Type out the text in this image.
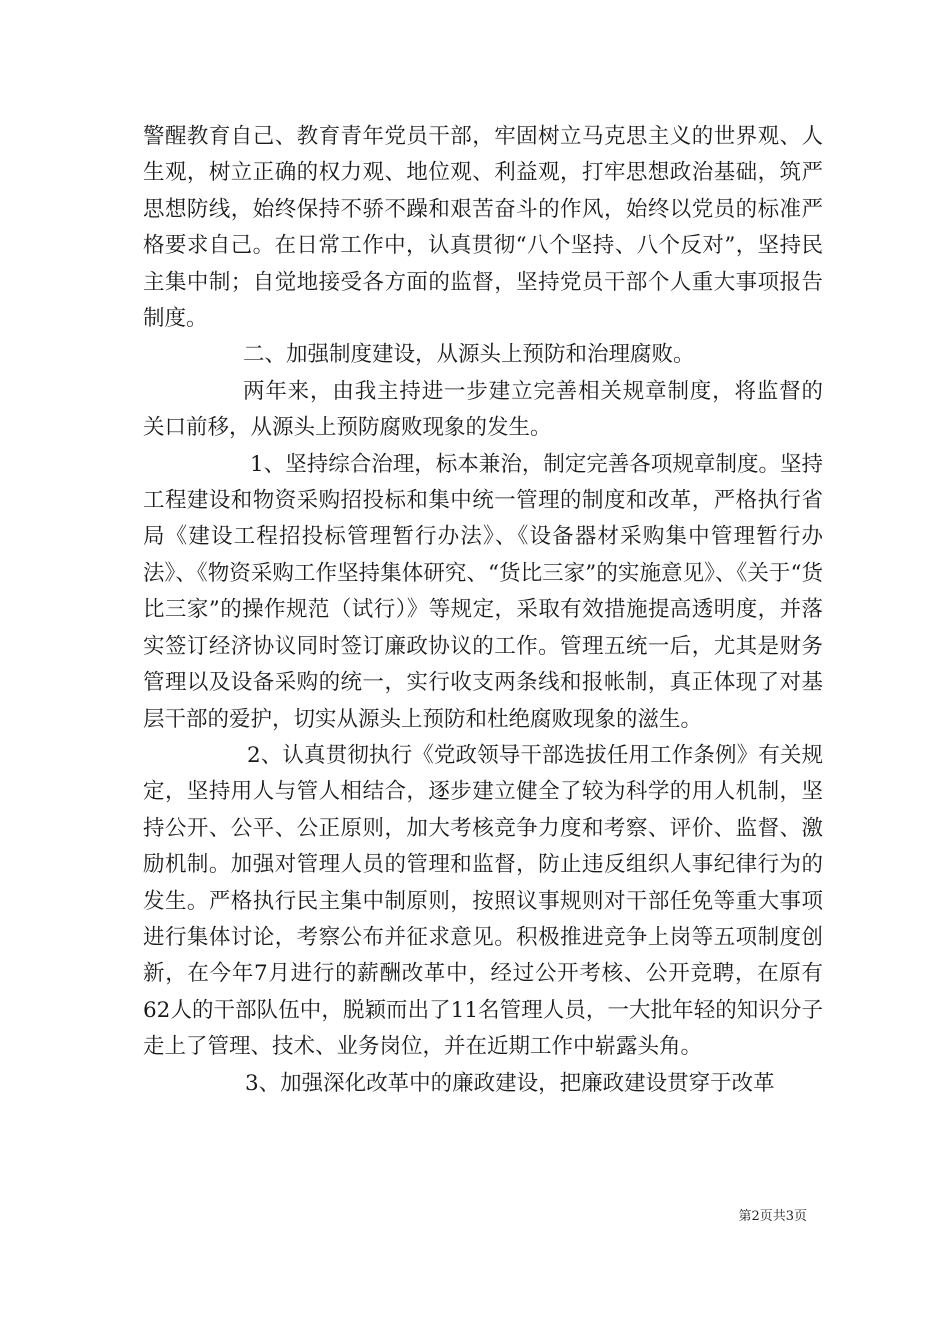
警醒教育自己、教育青年党员干部，牢固树立马克思主义的世界观、人生观，树立正确的权力观、地位观、利益观，打牢思想政治基础，筑严思想防线，始终保持不骄不躁和艰苦奋斗的作风，始终以党员的标准严格要求自己。在日常工作中，认真贯彻“八个坚持、八个反对”，坚持民主集中制；自觉地接受各方面的监督，坚持党员干部个人重大事项报告制度。

二、加强制度建设，从源头上预防和治理腐败。

两年来，由我主持进一步建立完善相关规章制度，将监督的关口前移，从源头上预防腐败现象的发生。

1、坚持综合治理，标本兼治，制定完善各项规章制度。坚持工程建设和物资采购招投标和集中统一管理的制度和改革，严格执行省局《建设工程招投标管理暂行办法》、《设备器材采购集中管理暂行办法》、《物资采购工作坚持集体研究、“货比三家”的实施意见》、《关于“货比三家”的操作规范（试行）》等规定，采取有效措施提高透明度，并落实签订经济协议同时签订廉政协议的工作。管理五统一后，尤其是财务管理以及设备采购的统一，实行收支两条线和报帐制，真正体现了对基层干部的爱护，切实从源头上预防和杜绝腐败现象的滋生。

2、认真贯彻执行《党政领导干部选拔任用工作条例》有关规定，坚持用人与管人相结合，逐步建立健全了较为科学的用人机制，坚持公开、公平、公正原则，加大考核竞争力度和考察、评价、监督、激励机制。加强对管理人员的管理和监督，防止违反组织人事纪律行为的发生。严格执行民主集中制原则，按照议事规则对干部任免等重大事项进行集体讨论，考察公布并征求意见。积极推进竞争上岗等五项制度创新，在今年7月进行的薪酬改革中，经过公开考核、公开竞聘，在原有62人的干部队伍中，脱颖而出了11名管理人员，一大批年轻的知识分子走上了管理、技术、业务岗位，并在近期工作中崭露头角。

3、加强深化改革中的廉政建设，把廉政建设贯穿于改革

第2页共3页
